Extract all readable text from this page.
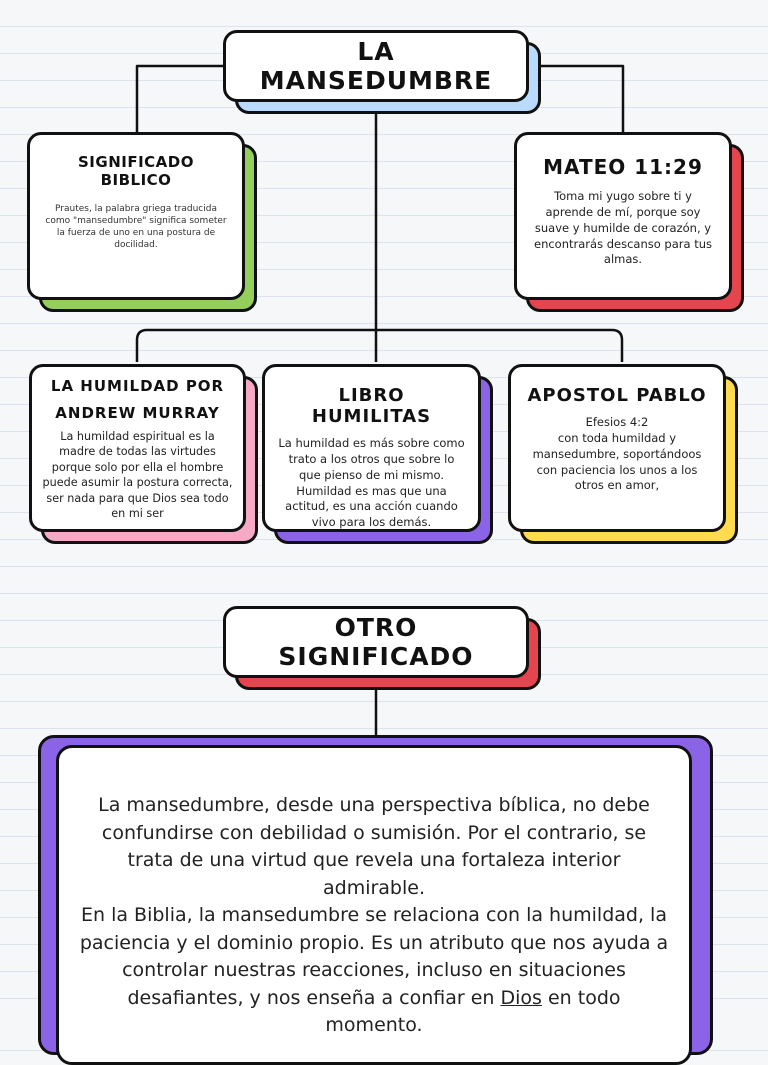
LA MANSEDUMBRE
SIGNIFICADO BIBLICO
Prautes, la palabra griega traducida como "mansedumbre" significa someter la fuerza de uno en una postura de docilidad.
MATEO 11:29
Toma mi yugo sobre ti y aprende de mí, porque soy suave y humilde de corazón, y encontrarás descanso para tus almas.
LA HUMILDAD POR ANDREW MURRAY
La humildad espiritual es la madre de todas las virtudes porque solo por ella el hombre puede asumir la postura correcta, ser nada para que Dios sea todo en mi ser
LIBRO HUMILITAS
La humildad es más sobre como trato a los otros que sobre lo que pienso de mi mismo. Humildad es mas que una actitud, es una acción cuando vivo para los demás.
APOSTOL PABLO
Efesios 4:2
con toda humildad y mansedumbre, soportándoos con paciencia los unos a los otros en amor,
OTRO SIGNIFICADO

La mansedumbre, desde una perspectiva bíblica, no debe confundirse con debilidad o sumisión. Por el contrario, se trata de una virtud que revela una fortaleza interior admirable.

En la Biblia, la mansedumbre se relaciona con la humildad, la paciencia y el dominio propio. Es un atributo que nos ayuda a controlar nuestras reacciones, incluso en situaciones desafiantes, y nos enseña a confiar en Dios en todo momento.
